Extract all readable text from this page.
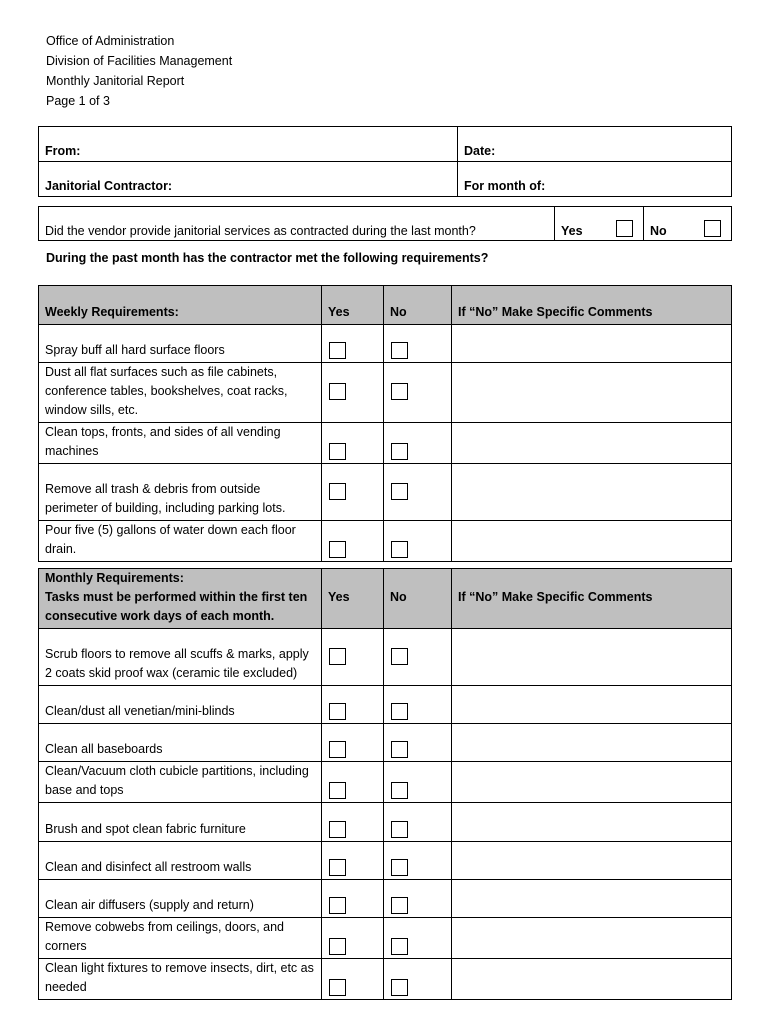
Office of Administration
Division of Facilities Management
Monthly Janitorial Report
Page 1 of 3
From:	Date:
Janitorial Contractor:	For month of:
Did the vendor provide janitorial services as contracted during the last month?	Yes	No
During the past month has the contractor met the following requirements?
Weekly Requirements:	Yes	No	If “No” Make Specific Comments
Spray buff all hard surface floors			
Dust all flat surfaces such as file cabinets, conference tables, bookshelves, coat racks, window sills, etc.			
Clean tops, fronts, and sides of all vending machines			
Remove all trash & debris from outside perimeter of building, including parking lots.			
Pour five (5) gallons of water down each floor drain.			
Monthly Requirements:
Tasks must be performed within the first ten consecutive work days of each month.	Yes	No	If “No” Make Specific Comments
Scrub floors to remove all scuffs & marks, apply 2 coats skid proof wax (ceramic tile excluded)			
Clean/dust all venetian/mini-blinds			
Clean all baseboards			
Clean/Vacuum cloth cubicle partitions, including base and tops			
Brush and spot clean fabric furniture			
Clean and disinfect all restroom walls			
Clean air diffusers (supply and return)			
Remove cobwebs from ceilings, doors, and corners			
Clean light fixtures to remove insects, dirt, etc as needed			
